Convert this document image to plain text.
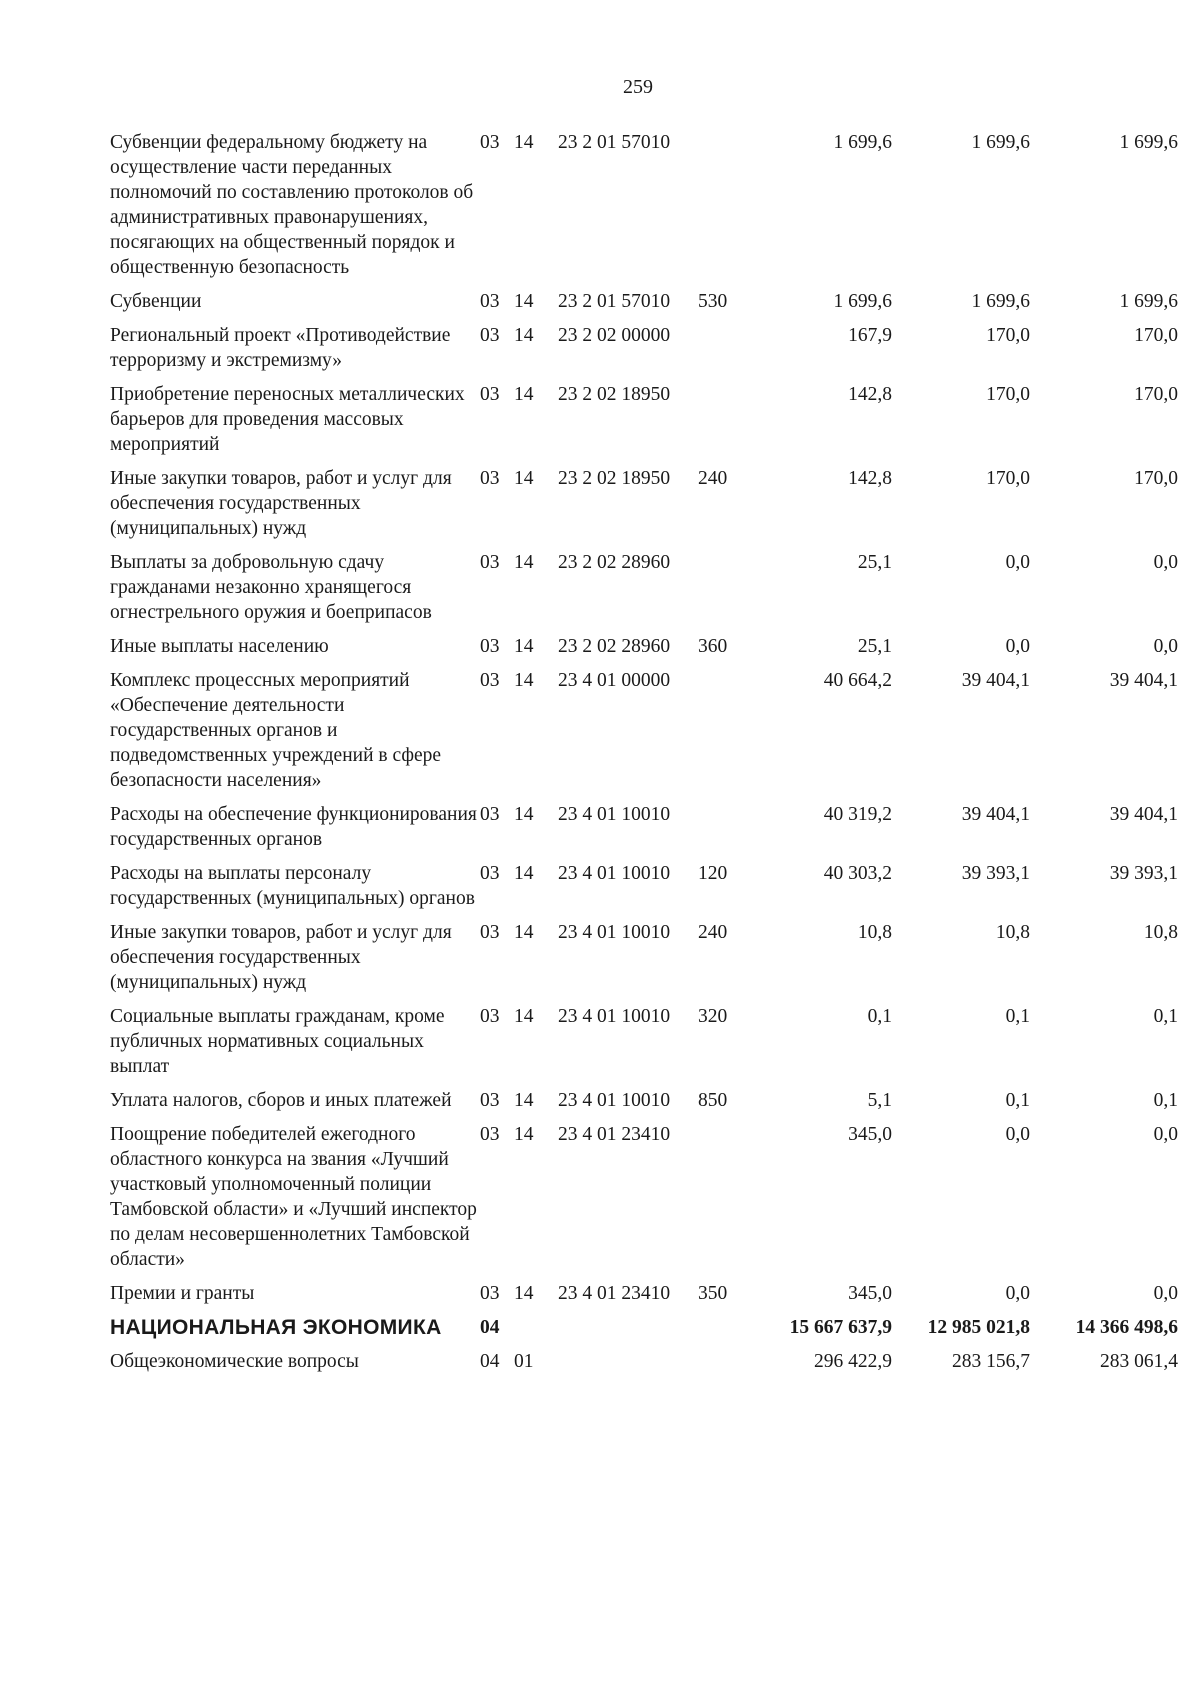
259
Субвенции федеральному бюджету на осуществление части переданных полномочий по составлению протоколов об административных правонарушениях, посягающих на общественный порядок и общественную безопасность	03	14	23 2 01 57010		1 699,6	1 699,6	1 699,6
Субвенции	03	14	23 2 01 57010	530	1 699,6	1 699,6	1 699,6
Региональный проект «Противодействие терроризму и экстремизму»	03	14	23 2 02 00000		167,9	170,0	170,0
Приобретение переносных металлических барьеров для проведения массовых мероприятий	03	14	23 2 02 18950		142,8	170,0	170,0
Иные закупки товаров, работ и услуг для обеспечения государственных (муниципальных) нужд	03	14	23 2 02 18950	240	142,8	170,0	170,0
Выплаты за добровольную сдачу гражданами незаконно хранящегося огнестрельного оружия и боеприпасов	03	14	23 2 02 28960		25,1	0,0	0,0
Иные выплаты населению	03	14	23 2 02 28960	360	25,1	0,0	0,0
Комплекс процессных мероприятий «Обеспечение деятельности государственных органов и подведомственных учреждений в сфере безопасности населения»	03	14	23 4 01 00000		40 664,2	39 404,1	39 404,1
Расходы на обеспечение функционирования государственных органов	03	14	23 4 01 10010		40 319,2	39 404,1	39 404,1
Расходы на выплаты персоналу государственных (муниципальных) органов	03	14	23 4 01 10010	120	40 303,2	39 393,1	39 393,1
Иные закупки товаров, работ и услуг для обеспечения государственных (муниципальных) нужд	03	14	23 4 01 10010	240	10,8	10,8	10,8
Социальные выплаты гражданам, кроме публичных нормативных социальных выплат	03	14	23 4 01 10010	320	0,1	0,1	0,1
Уплата налогов, сборов и иных платежей	03	14	23 4 01 10010	850	5,1	0,1	0,1
Поощрение победителей ежегодного областного конкурса на звания «Лучший участковый уполномоченный полиции Тамбовской области» и «Лучший инспектор по делам несовершеннолетних Тамбовской области»	03	14	23 4 01 23410		345,0	0,0	0,0
Премии и гранты	03	14	23 4 01 23410	350	345,0	0,0	0,0
НАЦИОНАЛЬНАЯ ЭКОНОМИКА	04				15 667 637,9	12 985 021,8	14 366 498,6
Общеэкономические вопросы	04	01			296 422,9	283 156,7	283 061,4
